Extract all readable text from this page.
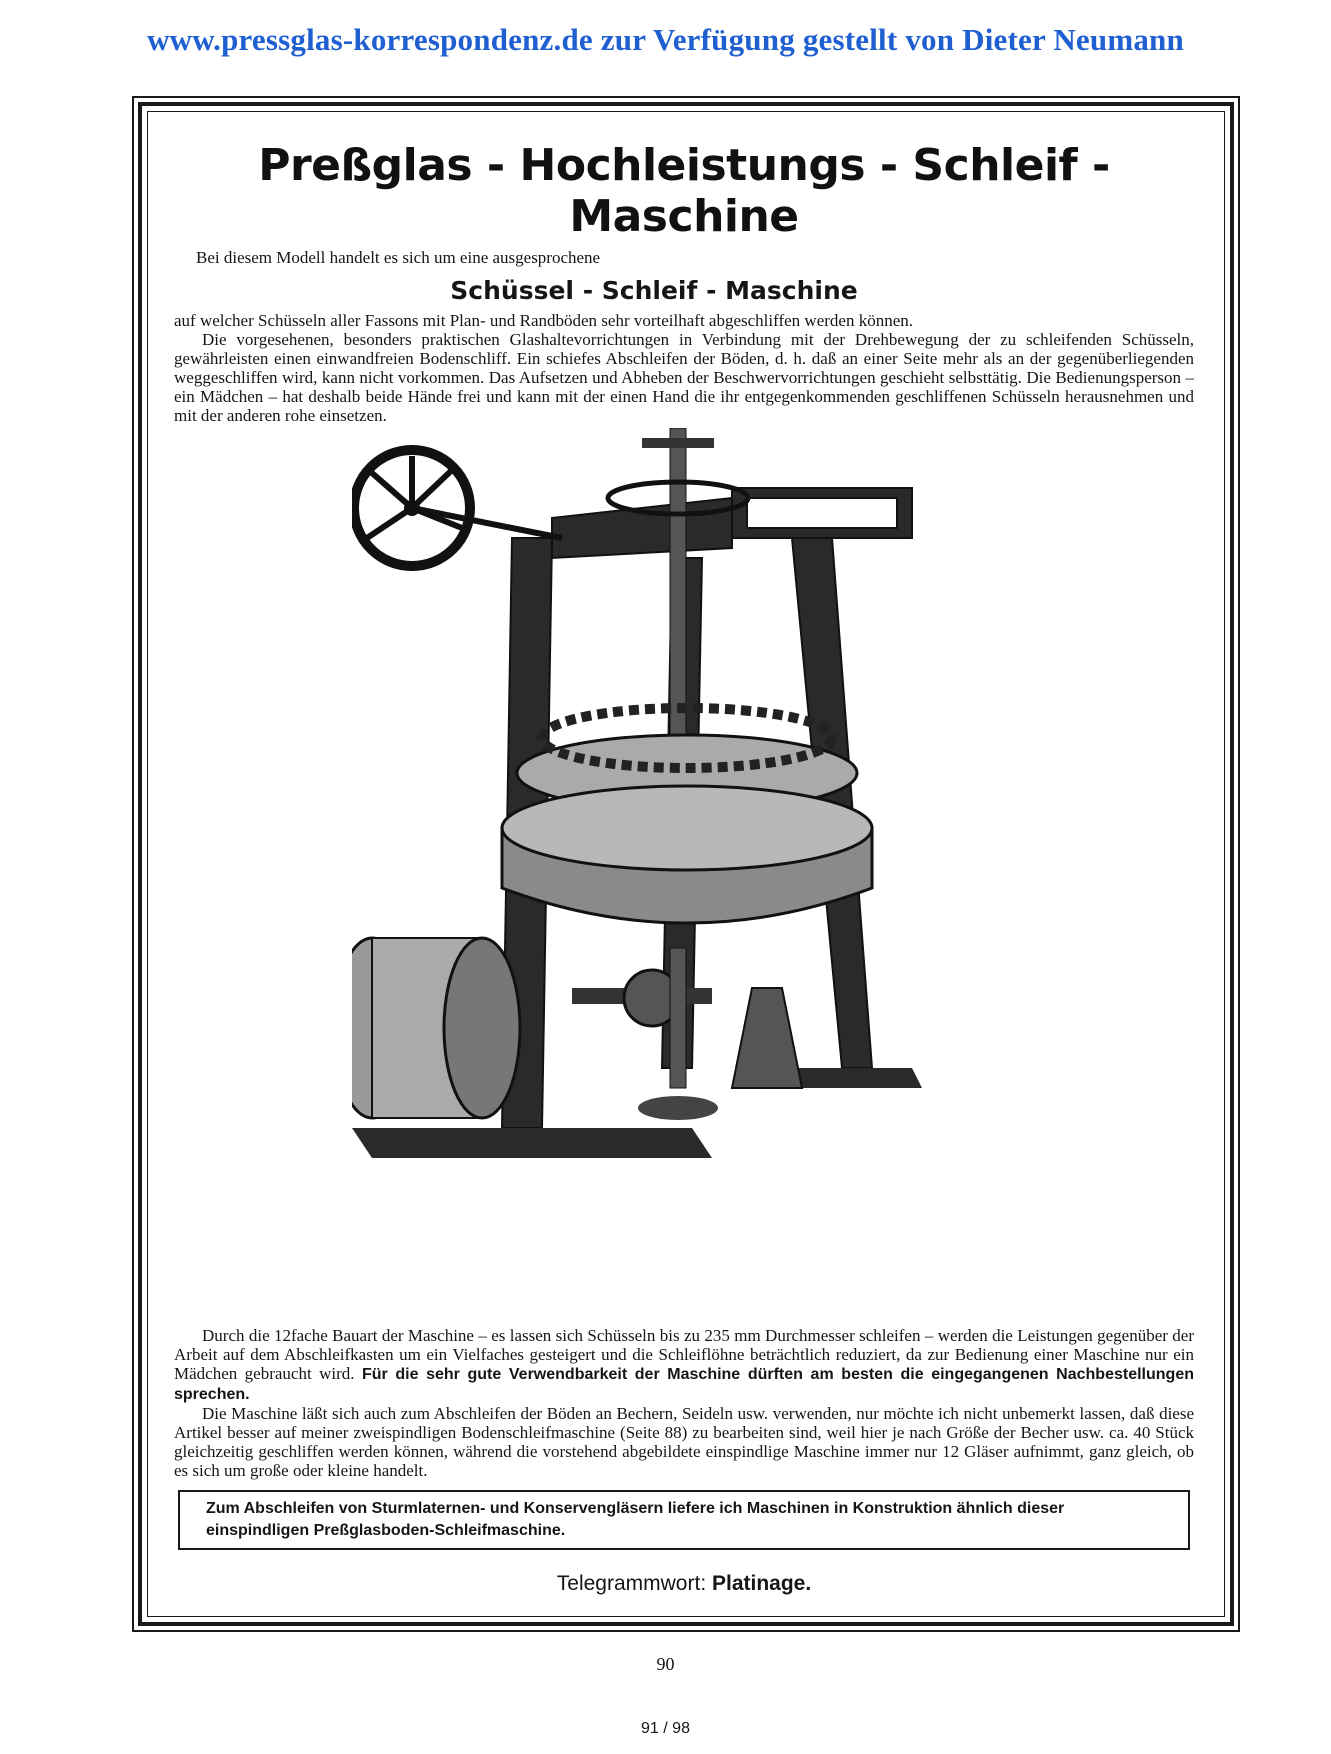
www.pressglas-korrespondenz.de zur Verfügung gestellt von Dieter Neumann
Preßglas - Hochleistungs - Schleif - Maschine
Bei diesem Modell handelt es sich um eine ausgesprochene
Schüssel - Schleif - Maschine

auf welcher Schüsseln aller Fassons mit Plan- und Randböden sehr vorteilhaft abgeschliffen werden können.

Die vorgesehenen, besonders praktischen Glashaltevorrichtungen in Verbindung mit der Drehbewegung der zu schleifenden Schüsseln, gewährleisten einen einwandfreien Bodenschliff. Ein schiefes Abschleifen der Böden, d. h. daß an einer Seite mehr als an der gegenüberliegenden weggeschliffen wird, kann nicht vorkommen. Das Aufsetzen und Abheben der Beschwervorrichtungen geschieht selbsttätig. Die Bedienungsperson – ein Mädchen – hat deshalb beide Hände frei und kann mit der einen Hand die ihr entgegenkommenden geschliffenen Schüsseln herausnehmen und mit der anderen rohe einsetzen.

Durch die 12fache Bauart der Maschine – es lassen sich Schüsseln bis zu 235 mm Durchmesser schleifen – werden die Leistungen gegenüber der Arbeit auf dem Abschleifkasten um ein Vielfaches gesteigert und die Schleiflöhne beträchtlich reduziert, da zur Bedienung einer Maschine nur ein Mädchen gebraucht wird. Für die sehr gute Verwendbarkeit der Maschine dürften am besten die eingegangenen Nachbestellungen sprechen.

Die Maschine läßt sich auch zum Abschleifen der Böden an Bechern, Seideln usw. verwenden, nur möchte ich nicht unbemerkt lassen, daß diese Artikel besser auf meiner zweispindligen Bodenschleifmaschine (Seite 88) zu bearbeiten sind, weil hier je nach Größe der Becher usw. ca. 40 Stück gleichzeitig geschliffen werden können, während die vorstehend abgebildete einspindlige Maschine immer nur 12 Gläser aufnimmt, ganz gleich, ob es sich um große oder kleine handelt.

Zum Abschleifen von Sturmlaternen- und Konservengläsern liefere ich Maschinen in Konstruktion ähnlich dieser einspindligen Preßglasboden-Schleifmaschine.
Telegrammwort: Platinage.
90
91 / 98
